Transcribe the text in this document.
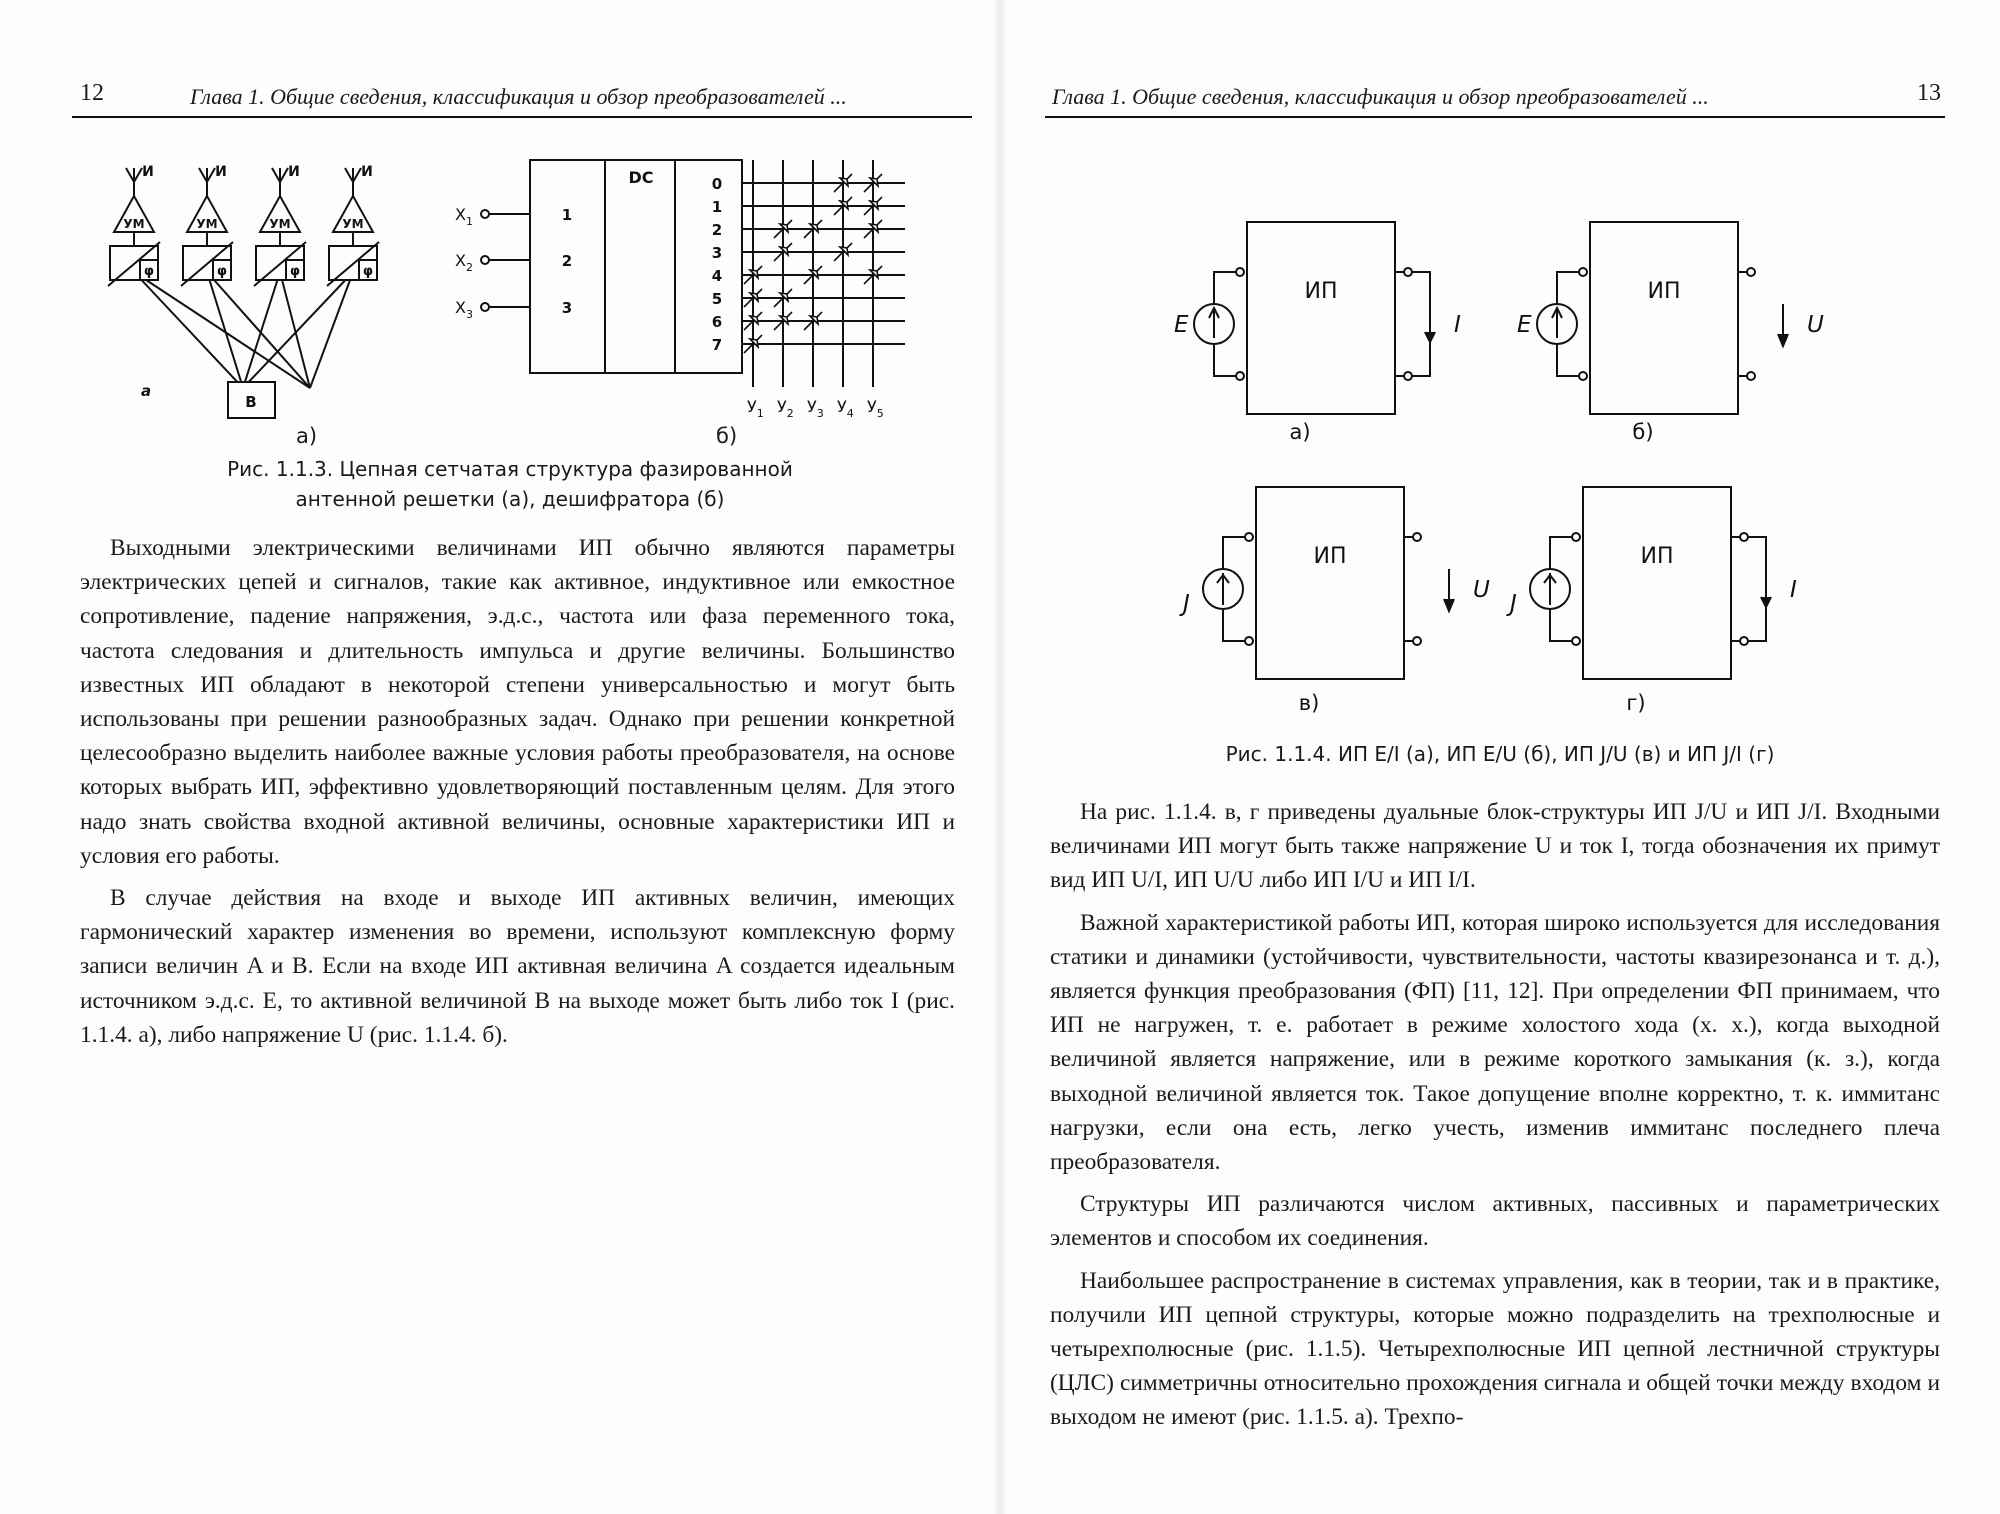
12	Глава 1. Общие сведения, классификация и обзор преобразователей ...
И	И	И	И
УМ	УМ	УМ	УМ
φ	φ	φ	φ
В
а
DC	0
1
2
3
4
5
6
7
$У_1$ $У_2$ $У_3$ $У_4$ $У_5$
$X_1$	1
$X_2$	2
$X_3$	3
а)	б)
Рис. 1.1.3. Цепная сетчатая структура фазированной
антенной решетки (а), дешифратора (б)

Выходными электрическими величинами ИП обычно являются параметры электрических цепей и сигналов, такие как активное, индуктивное или емкостное сопротивление, падение напряжения, э.д.с., частота или фаза переменного тока, частота следования и длительность импульса и другие величины. Большинство известных ИП обладают в некоторой степени универсальностью и могут быть использованы при решении разнообразных задач. Однако при решении конкретной целесообразно выделить наиболее важные условия работы преобразователя, на основе которых выбрать ИП, эффективно удовлетворяющий поставленным целям. Для этого надо знать свойства входной активной величины, основные характеристики ИП и условия его работы.

В случае действия на входе и выходе ИП активных величин, имеющих гармонический характер изменения во времени, используют комплексную форму записи величин A и B. Если на входе ИП активная величина A создается идеальным источником э.д.с. E, то активной величиной B на выходе может быть либо ток I (рис. 1.1.4. а), либо напряжение U (рис. 1.1.4. б).

Глава 1. Общие сведения, классификация и обзор преобразователей ...	13
ИП
E	I
а)
ИП
E	U
б)
ИП
J
U
в)
ИП
J
I
г)
Рис. 1.1.4. ИП E/I (а), ИП E/U (б), ИП J/U (в) и ИП J/I (г)

На рис. 1.1.4. в, г приведены дуальные блок-структуры ИП J/U и ИП J/I. Входными величинами ИП могут быть также напряжение U и ток I, тогда обозначения их примут вид ИП U/I, ИП U/U либо ИП I/U и ИП I/I.

Важной характеристикой работы ИП, которая широко используется для исследования статики и динамики (устойчивости, чувствительности, частоты квазирезонанса и т. д.), является функция преобразования (ФП) [11, 12]. При определении ФП принимаем, что ИП не нагружен, т. е. работает в режиме холостого хода (х. х.), когда выходной величиной является напряжение, или в режиме короткого замыкания (к. з.), когда выходной величиной является ток. Такое допущение вполне корректно, т. к. иммитанс нагрузки, если она есть, легко учесть, изменив иммитанс последнего плеча преобразователя.

Структуры ИП различаются числом активных, пассивных и параметрических элементов и способом их соединения.

Наибольшее распространение в системах управления, как в теории, так и в практике, получили ИП цепной структуры, которые можно подразделить на трехполюсные и четырехполюсные (рис. 1.1.5). Четырехполюсные ИП цепной лестничной структуры (ЦЛС) симметричны относительно прохождения сигнала и общей точки между входом и выходом не имеют (рис. 1.1.5. а). Трехпо-
